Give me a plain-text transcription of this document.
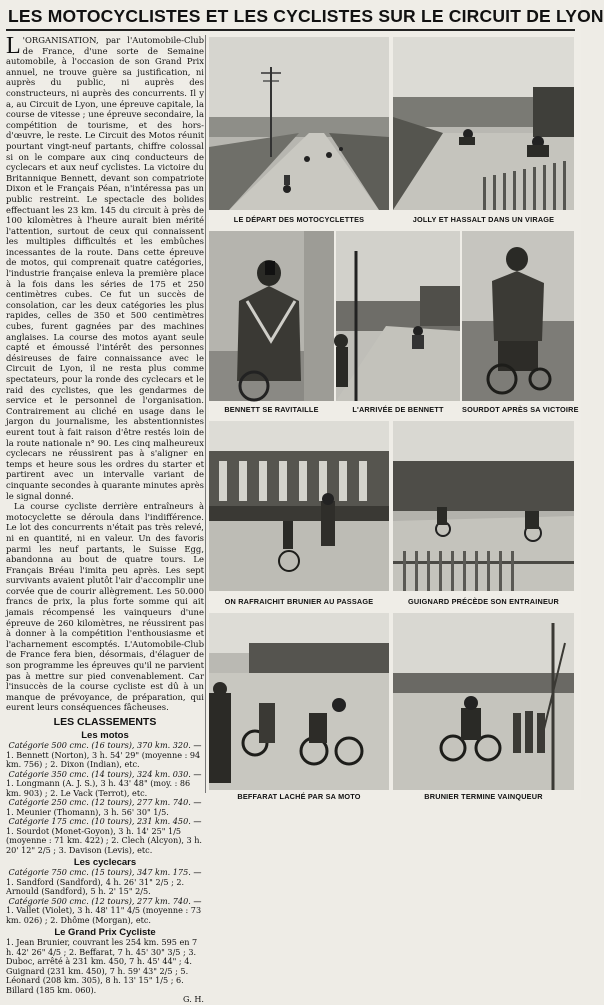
LES MOTOCYCLISTES ET LES CYCLISTES SUR LE CIRCUIT DE LYON

L 'ORGANISATION, par l'Automobile-Club de France, d'une sorte de Semaine automobile, à l'occasion de son Grand Prix annuel, ne trouve guère sa justification, ni auprès du public, ni auprès des constructeurs, ni auprès des concurrents. Il y a, au Circuit de Lyon, une épreuve capitale, la course de vitesse ; une épreuve secondaire, la compétition de tourisme, et des hors-d'œuvre, le reste. Le Circuit des Motos réunit pourtant vingt-neuf partants, chiffre colossal si on le compare aux cinq conducteurs de cyclecars et aux neuf cyclistes. La victoire du Britannique Bennett, devant son compatriote Dixon et le Français Péan, n'intéressa pas un public restreint. Le spectacle des bolides effectuant les 23 km. 145 du circuit à près de 100 kilomètres à l'heure aurait bien mérité l'attention, surtout de ceux qui connaissent les multiples difficultés et les embûches incessantes de la route. Dans cette épreuve de motos, qui comprenait quatre catégories, l'industrie française enleva la première place à la fois dans les séries de 175 et 250 centimètres cubes. Ce fut un succès de consolation, car les deux catégories les plus rapides, celles de 350 et 500 centimètres cubes, furent gagnées par des machines anglaises. La course des motos ayant seule capté et émoussé l'intérêt des personnes désireuses de faire connaissance avec le Circuit de Lyon, il ne resta plus comme spectateurs, pour la ronde des cyclecars et le raid des cyclistes, que les gendarmes de service et le personnel de l'organisation. Contrairement au cliché en usage dans le jargon du journalisme, les abstentionnistes eurent tout à fait raison d'être restés loin de la route nationale n° 90. Les cinq malheureux cyclecars ne réussirent pas à s'aligner en temps et heure sous les ordres du starter et partirent avec un intervalle variant de cinquante secondes à quarante minutes après le signal donné.

La course cycliste derrière entraîneurs à motocyclette se déroula dans l'indifférence. Le lot des concurrents n'était pas très relevé, ni en quantité, ni en valeur. Un des favoris parmi les neuf partants, le Suisse Egg, abandonna au bout de quatre tours. Le Français Bréau l'imita peu après. Les sept survivants avaient plutôt l'air d'accomplir une corvée que de courir allègrement. Les 50.000 francs de prix, la plus forte somme qui ait jamais récompensé les vainqueurs d'une épreuve de 260 kilomètres, ne réussirent pas à donner à la compétition l'enthousiasme et l'acharnement escomptés. L'Automobile-Club de France fera bien, désormais, d'élaguer de son programme les épreuves qu'il ne parvient pas à mettre sur pied convenablement. Car l'insuccès de la course cycliste est dû à un manque de prévoyance, de préparation, qui eurent leurs conséquences fâcheuses.

LES CLASSEMENTS
Les motos

Catégorie 500 cmc. (16 tours), 370 km. 320. —

1. Bennett (Norton), 3 h. 54' 29" (moyenne : 94 km. 756) ; 2. Dixon (Indian), etc.

Catégorie 350 cmc. (14 tours), 324 km. 030. —

1. Longmann (A. J. S.), 3 h. 43' 48" (moy. : 86 km. 903) ; 2. Le Vack (Terrot), etc.

Catégorie 250 cmc. (12 tours), 277 km. 740. —

1. Meunier (Thomann), 3 h. 56' 30" 1/5.

Catégorie 175 cmc. (10 tours), 231 km. 450. —

1. Sourdot (Monet-Goyon), 3 h. 14' 25" 1/5 (moyenne : 71 km. 422) ; 2. Clech (Alcyon), 3 h. 20' 12" 2/5 ; 3. Davison (Levis), etc.

Les cyclecars

Catégorie 750 cmc. (15 tours), 347 km. 175. —

1. Sandford (Sandford), 4 h. 26' 31" 2/5 ; 2. Arnould (Sandford), 5 h. 2' 15" 2/5.

Catégorie 500 cmc. (12 tours), 277 km. 740. —

1. Vallet (Violet), 3 h. 48' 11" 4/5 (moyenne : 73 km. 026) ; 2. Dhôme (Morgan), etc.

Le Grand Prix Cycliste

1. Jean Brunier, couvrant les 254 km. 595 en 7 h. 42' 26" 4/5 ; 2. Beffarat, 7 h. 45' 30" 3/5 ; 3. Duboc, arrêté à 231 km. 450, 7 h. 45' 44" ; 4. Guignard (231 km. 450), 7 h. 59' 43" 2/5 ; 5. Léonard (208 km. 305), 8 h. 13' 15" 1/5 ; 6. Billard (185 km. 060).

G. H.

LE DÉPART DES MOTOCYCLETTES	JOLLY ET HASSALT DANS UN VIRAGE
BENNETT SE RAVITAILLE	L'ARRIVÉE DE BENNETT	SOURDOT APRÈS SA VICTOIRE
ON RAFRAICHIT BRUNIER AU PASSAGE	GUIGNARD PRÉCÈDE SON ENTRAINEUR
BEFFARAT LACHÉ PAR SA MOTO	BRUNIER TERMINE VAINQUEUR
